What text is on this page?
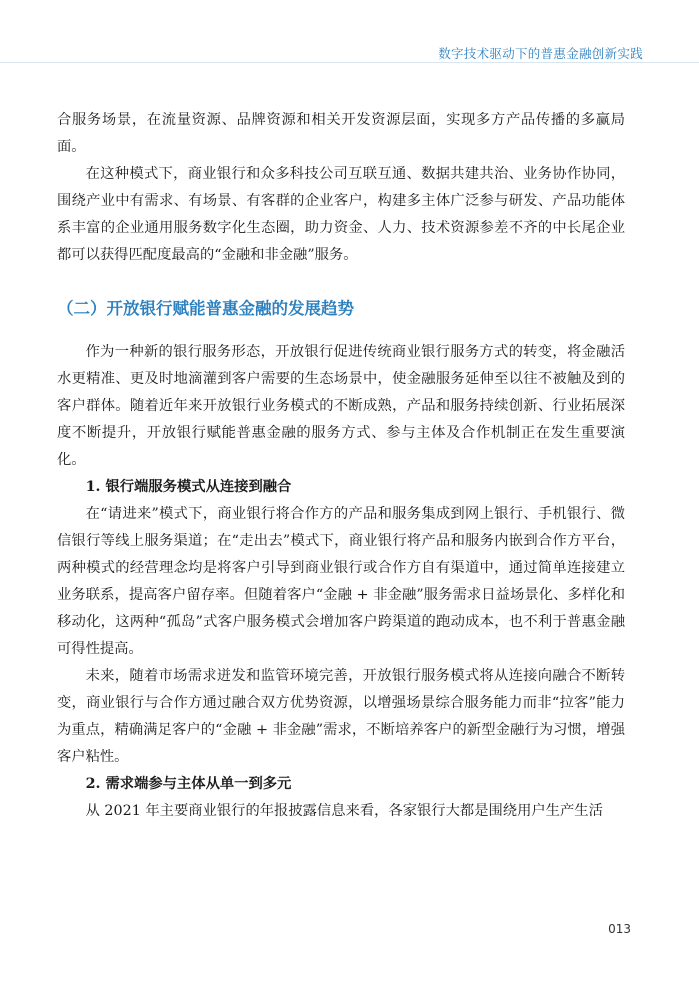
数字技术驱动下的普惠金融创新实践

合服务场景，在流量资源、品牌资源和相关开发资源层面，实现多方产品传播的多赢局面。

在这种模式下，商业银行和众多科技公司互联互通、数据共建共治、业务协作协同，围绕产业中有需求、有场景、有客群的企业客户，构建多主体广泛参与研发、产品功能体系丰富的企业通用服务数字化生态圈，助力资金、人力、技术资源参差不齐的中长尾企业都可以获得匹配度最高的“金融和非金融”服务。

（二）开放银行赋能普惠金融的发展趋势

作为一种新的银行服务形态，开放银行促进传统商业银行服务方式的转变，将金融活水更精准、更及时地滴灌到客户需要的生态场景中，使金融服务延伸至以往不被触及到的客户群体。随着近年来开放银行业务模式的不断成熟，产品和服务持续创新、行业拓展深度不断提升，开放银行赋能普惠金融的服务方式、参与主体及合作机制正在发生重要演化。

1. 银行端服务模式从连接到融合

在“请进来”模式下，商业银行将合作方的产品和服务集成到网上银行、手机银行、微信银行等线上服务渠道；在“走出去”模式下，商业银行将产品和服务内嵌到合作方平台，两种模式的经营理念均是将客户引导到商业银行或合作方自有渠道中，通过简单连接建立业务联系，提高客户留存率。但随着客户“金融 + 非金融”服务需求日益场景化、多样化和移动化，这两种“孤岛”式客户服务模式会增加客户跨渠道的跑动成本，也不利于普惠金融可得性提高。

未来，随着市场需求迸发和监管环境完善，开放银行服务模式将从连接向融合不断转变，商业银行与合作方通过融合双方优势资源，以增强场景综合服务能力而非“拉客”能力为重点，精确满足客户的“金融 + 非金融”需求，不断培养客户的新型金融行为习惯，增强客户粘性。

2. 需求端参与主体从单一到多元

从 2021 年主要商业银行的年报披露信息来看，各家银行大都是围绕用户生产生活

013
